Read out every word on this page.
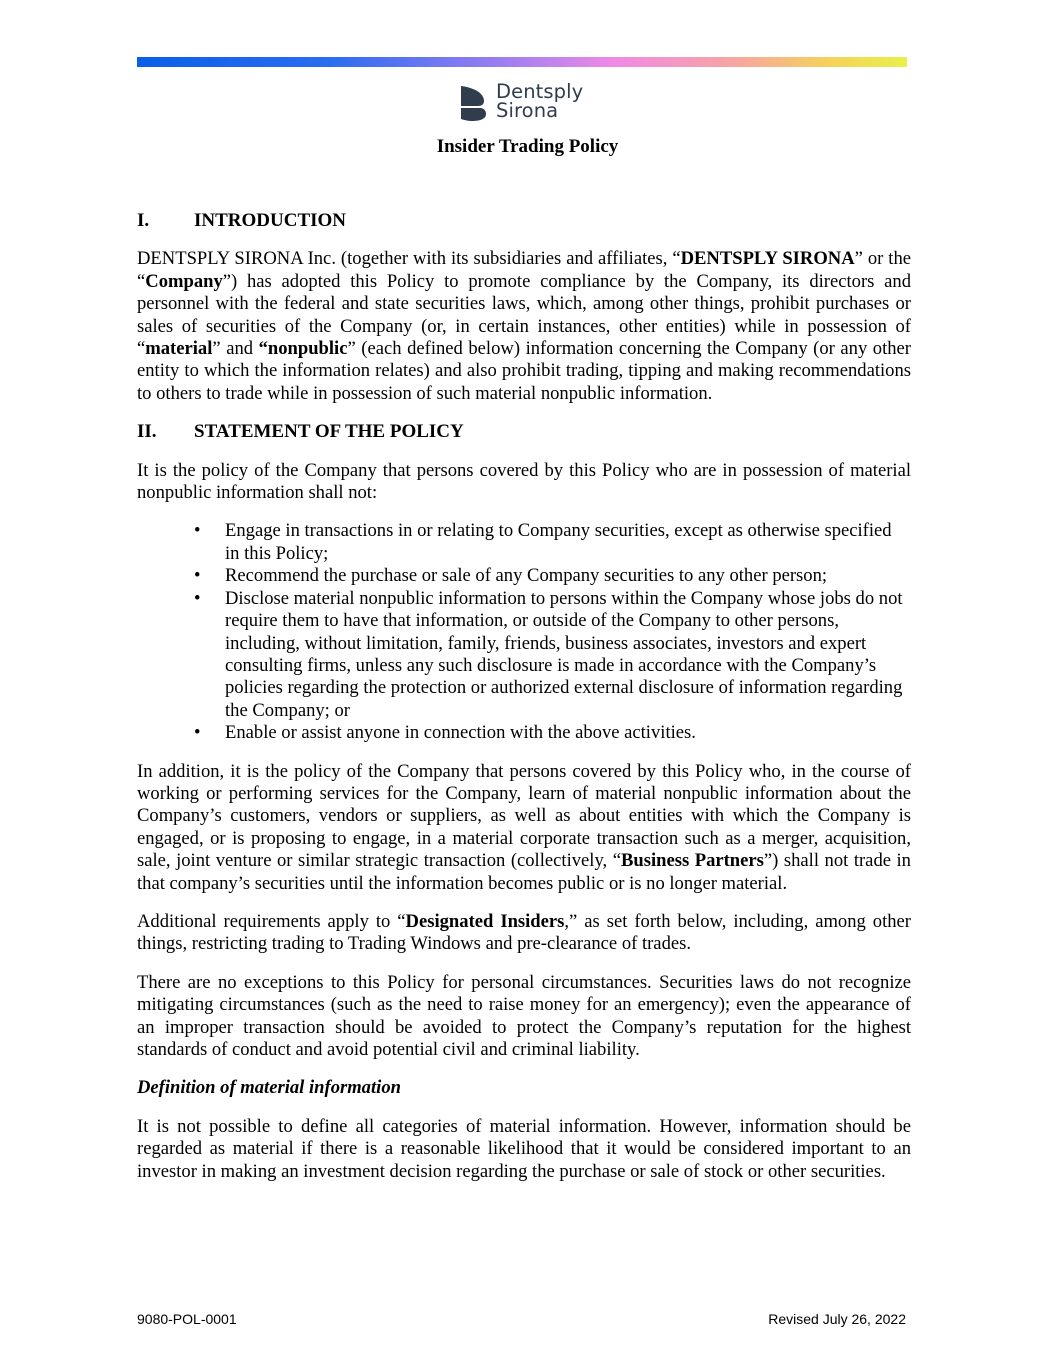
Dentsply
Sirona
Insider Trading Policy
I.	INTRODUCTION

DENTSPLY SIRONA Inc. (together with its subsidiaries and affiliates, “DENTSPLY SIRONA” or the “Company”) has adopted this Policy to promote compliance by the Company, its directors and personnel with the federal and state securities laws, which, among other things, prohibit purchases or sales of securities of the Company (or, in certain instances, other entities) while in possession of “material” and “nonpublic” (each defined below) information concerning the Company (or any other entity to which the information relates) and also prohibit trading, tipping and making recommendations to others to trade while in possession of such material nonpublic information.

II.	STATEMENT OF THE POLICY

It is the policy of the Company that persons covered by this Policy who are in possession of material nonpublic information shall not:

• Engage in transactions in or relating to Company securities, except as otherwise specified in this Policy;
• Recommend the purchase or sale of any Company securities to any other person;
• Disclose material nonpublic information to persons within the Company whose jobs do not require them to have that information, or outside of the Company to other persons, including, without limitation, family, friends, business associates, investors and expert consulting firms, unless any such disclosure is made in accordance with the Company’s policies regarding the protection or authorized external disclosure of information regarding the Company; or
• Enable or assist anyone in connection with the above activities.

In addition, it is the policy of the Company that persons covered by this Policy who, in the course of working or performing services for the Company, learn of material nonpublic information about the Company’s customers, vendors or suppliers, as well as about entities with which the Company is engaged, or is proposing to engage, in a material corporate transaction such as a merger, acquisition, sale, joint venture or similar strategic transaction (collectively, “Business Partners”) shall not trade in that company’s securities until the information becomes public or is no longer material.

Additional requirements apply to “Designated Insiders,” as set forth below, including, among other things, restricting trading to Trading Windows and pre-clearance of trades.

There are no exceptions to this Policy for personal circumstances. Securities laws do not recognize mitigating circumstances (such as the need to raise money for an emergency); even the appearance of an improper transaction should be avoided to protect the Company’s reputation for the highest standards of conduct and avoid potential civil and criminal liability.

Definition of material information

It is not possible to define all categories of material information. However, information should be regarded as material if there is a reasonable likelihood that it would be considered important to an investor in making an investment decision regarding the purchase or sale of stock or other securities.

9080-POL-0001	Revised July 26, 2022
